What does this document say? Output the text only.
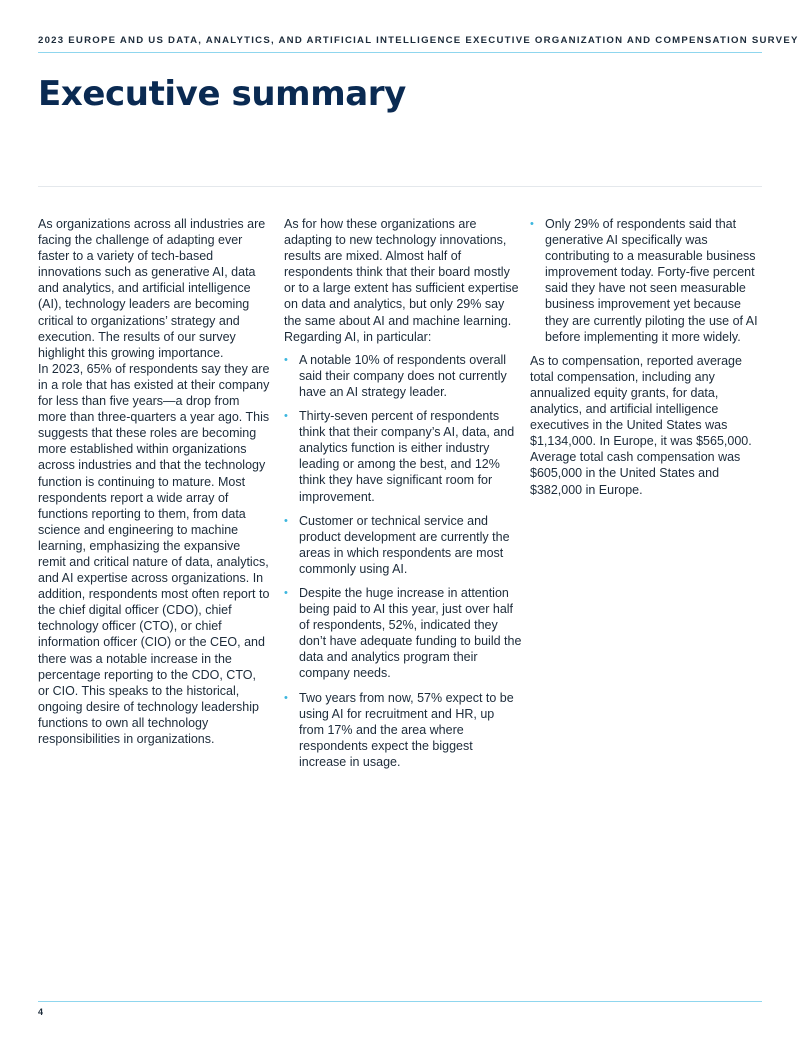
2023 EUROPE AND US DATA, ANALYTICS, AND ARTIFICIAL INTELLIGENCE EXECUTIVE ORGANIZATION AND COMPENSATION SURVEY
Executive summary

As organizations across all industries are facing the challenge of adapting ever faster to a variety of tech-based innovations such as generative AI, data and analytics, and artificial intelligence (AI), technology leaders are becoming critical to organizations’ strategy and execution. The results of our survey highlight this growing importance.

In 2023, 65% of respondents say they are in a role that has existed at their company for less than five years—a drop from more than three-quarters a year ago. This suggests that these roles are becoming more established within organizations across industries and that the technology function is continuing to mature. Most respondents report a wide array of functions reporting to them, from data science and engineering to machine learning, emphasizing the expansive remit and critical nature of data, analytics, and AI expertise across organizations. In addition, respondents most often report to the chief digital officer (CDO), chief technology officer (CTO), or chief information officer (CIO) or the CEO, and there was a notable increase in the percentage reporting to the CDO, CTO, or CIO. This speaks to the historical, ongoing desire of technology leadership functions to own all technology responsibilities in organizations.

As for how these organizations are adapting to new technology innovations, results are mixed. Almost half of respondents think that their board mostly or to a large extent has sufficient expertise on data and analytics, but only 29% say the same about AI and machine learning. Regarding AI, in particular:

• A notable 10% of respondents overall said their company does not currently have an AI strategy leader.
• Thirty-seven percent of respondents think that their company’s AI, data, and analytics function is either industry leading or among the best, and 12% think they have significant room for improvement.
• Customer or technical service and product development are currently the areas in which respondents are most commonly using AI.
• Despite the huge increase in attention being paid to AI this year, just over half of respondents, 52%, indicated they don’t have adequate funding to build the data and analytics program their company needs.
• Two years from now, 57% expect to be using AI for recruitment and HR, up from 17% and the area where respondents expect the biggest increase in usage.
• Only 29% of respondents said that generative AI specifically was contributing to a measurable business improvement today. Forty-five percent said they have not seen measurable business improvement yet because they are currently piloting the use of AI before implementing it more widely.

As to compensation, reported average total compensation, including any annualized equity grants, for data, analytics, and artificial intelligence executives in the United States was $1,134,000. In Europe, it was $565,000. Average total cash compensation was $605,000 in the United States and $382,000 in Europe.

4
